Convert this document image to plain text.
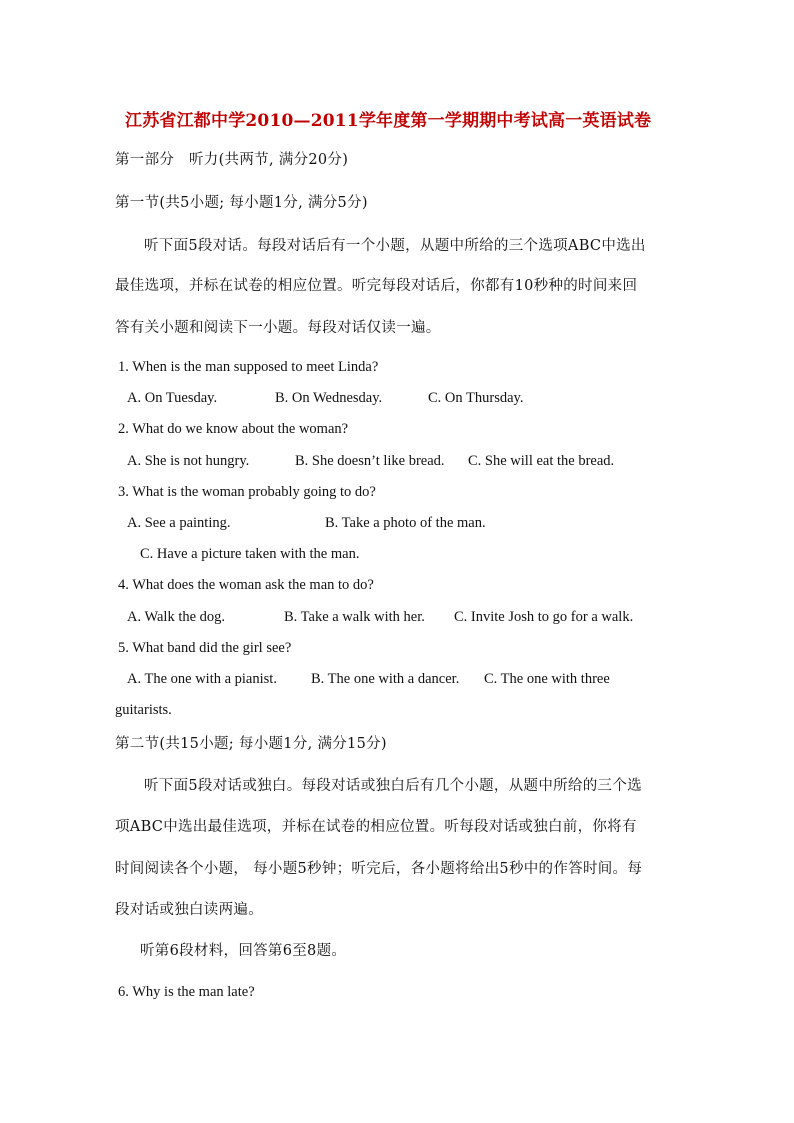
江苏省江都中学2010—2011学年度第一学期期中考试高一英语试卷
第一部分　听力(共两节, 满分20分)
第一节(共5小题; 每小题1分, 满分5分)
听下面5段对话。每段对话后有一个小题，从题中所给的三个选项ABC中选出
最佳选项，并标在试卷的相应位置。听完每段对话后，你都有10秒种的时间来回
答有关小题和阅读下一小题。每段对话仅读一遍。
1. When is the man supposed to meet Linda?
A. On Tuesday.	B. On Wednesday.	C. On Thursday.
2. What do we know about the woman?
A. She is not hungry.	B. She doesn’t like bread. C. She will eat the bread.
3. What is the woman probably going to do?
A. See a painting.	B. Take a photo of the man.
C. Have a picture taken with the man.
4. What does the woman ask the man to do?
A. Walk the dog.	B. Take a walk with her. C. Invite Josh to go for a walk.
5. What band did the girl see?
A. The one with a pianist. B. The one with a dancer. C. The one with three
guitarists.
第二节(共15小题; 每小题1分, 满分15分)
听下面5段对话或独白。每段对话或独白后有几个小题，从题中所给的三个选
项ABC中选出最佳选项，并标在试卷的相应位置。听每段对话或独白前，你将有
时间阅读各个小题， 每小题5秒钟；听完后，各小题将给出5秒中的作答时间。每
段对话或独白读两遍。
听第6段材料，回答第6至8题。
6. Why is the man late?
